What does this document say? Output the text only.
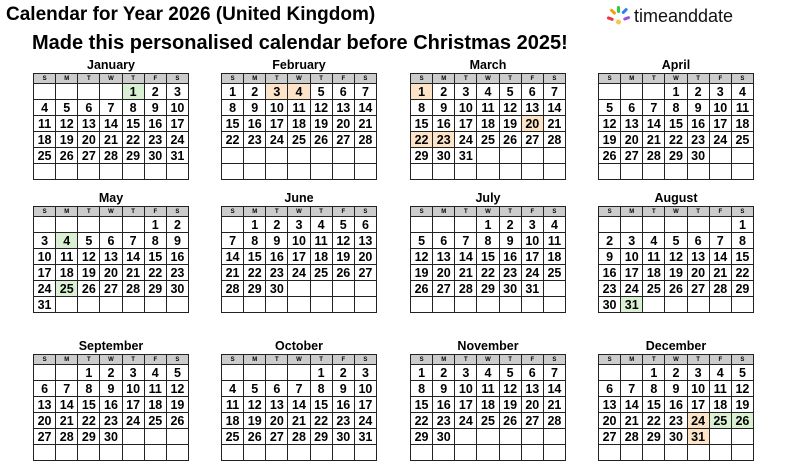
Calendar for Year 2026 (United Kingdom)
Made this personalised calendar before Christmas 2025!
timeanddate
January
S	M	T	W	T	F	S
				1	2	3
4	5	6	7	8	9	10
11	12	13	14	15	16	17
18	19	20	21	22	23	24
25	26	27	28	29	30	31

February
S	M	T	W	T	F	S
1	2	3	4	5	6	7
8	9	10	11	12	13	14
15	16	17	18	19	20	21
22	23	24	25	26	27	28

March
S	M	T	W	T	F	S
1	2	3	4	5	6	7
8	9	10	11	12	13	14
15	16	17	18	19	20	21
22	23	24	25	26	27	28
29	30	31				

April
S	M	T	W	T	F	S
			1	2	3	4
5	6	7	8	9	10	11
12	13	14	15	16	17	18
19	20	21	22	23	24	25
26	27	28	29	30		

May
S	M	T	W	T	F	S
					1	2
3	4	5	6	7	8	9
10	11	12	13	14	15	16
17	18	19	20	21	22	23
24	25	26	27	28	29	30
31						
June
S	M	T	W	T	F	S
	1	2	3	4	5	6
7	8	9	10	11	12	13
14	15	16	17	18	19	20
21	22	23	24	25	26	27
28	29	30				

July
S	M	T	W	T	F	S
			1	2	3	4
5	6	7	8	9	10	11
12	13	14	15	16	17	18
19	20	21	22	23	24	25
26	27	28	29	30	31	

August
S	M	T	W	T	F	S
						1
2	3	4	5	6	7	8
9	10	11	12	13	14	15
16	17	18	19	20	21	22
23	24	25	26	27	28	29
30	31					
September
S	M	T	W	T	F	S
		1	2	3	4	5
6	7	8	9	10	11	12
13	14	15	16	17	18	19
20	21	22	23	24	25	26
27	28	29	30			

October
S	M	T	W	T	F	S
				1	2	3
4	5	6	7	8	9	10
11	12	13	14	15	16	17
18	19	20	21	22	23	24
25	26	27	28	29	30	31

November
S	M	T	W	T	F	S
1	2	3	4	5	6	7
8	9	10	11	12	13	14
15	16	17	18	19	20	21
22	23	24	25	26	27	28
29	30					

December
S	M	T	W	T	F	S
		1	2	3	4	5
6	7	8	9	10	11	12
13	14	15	16	17	18	19
20	21	22	23	24	25	26
27	28	29	30	31		
